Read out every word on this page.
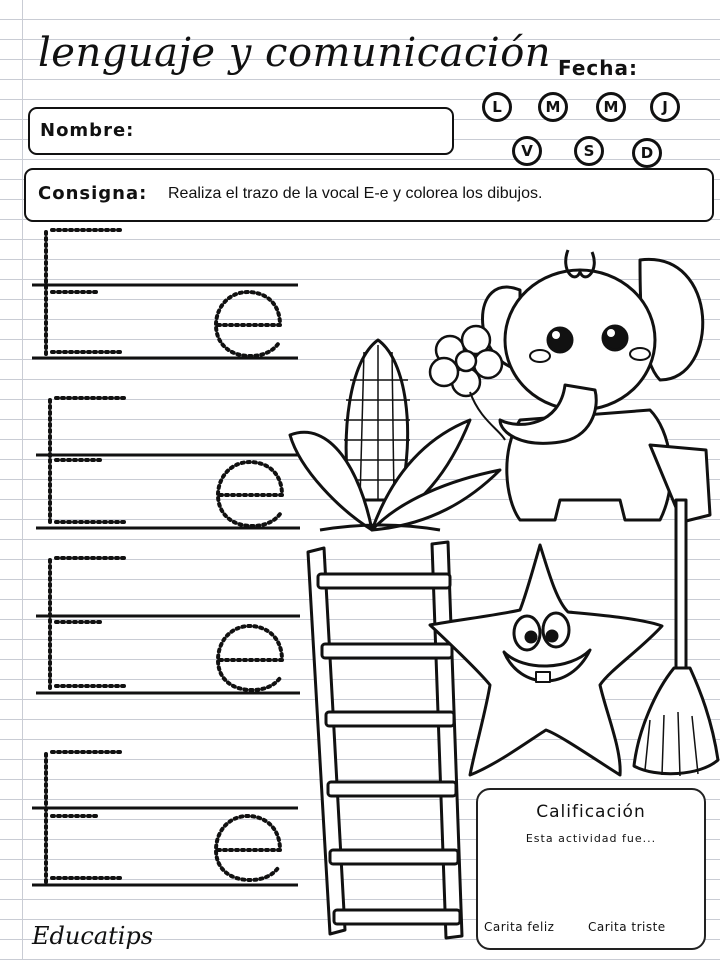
lenguaje y comunicación Fecha:
L	M	M	J
V	S	D
Nombre:
Consigna: Realiza el trazo de la vocal E-e y colorea los dibujos.
Calificación
Esta actividad fue...
Carita feliz	Carita triste
Educatips
